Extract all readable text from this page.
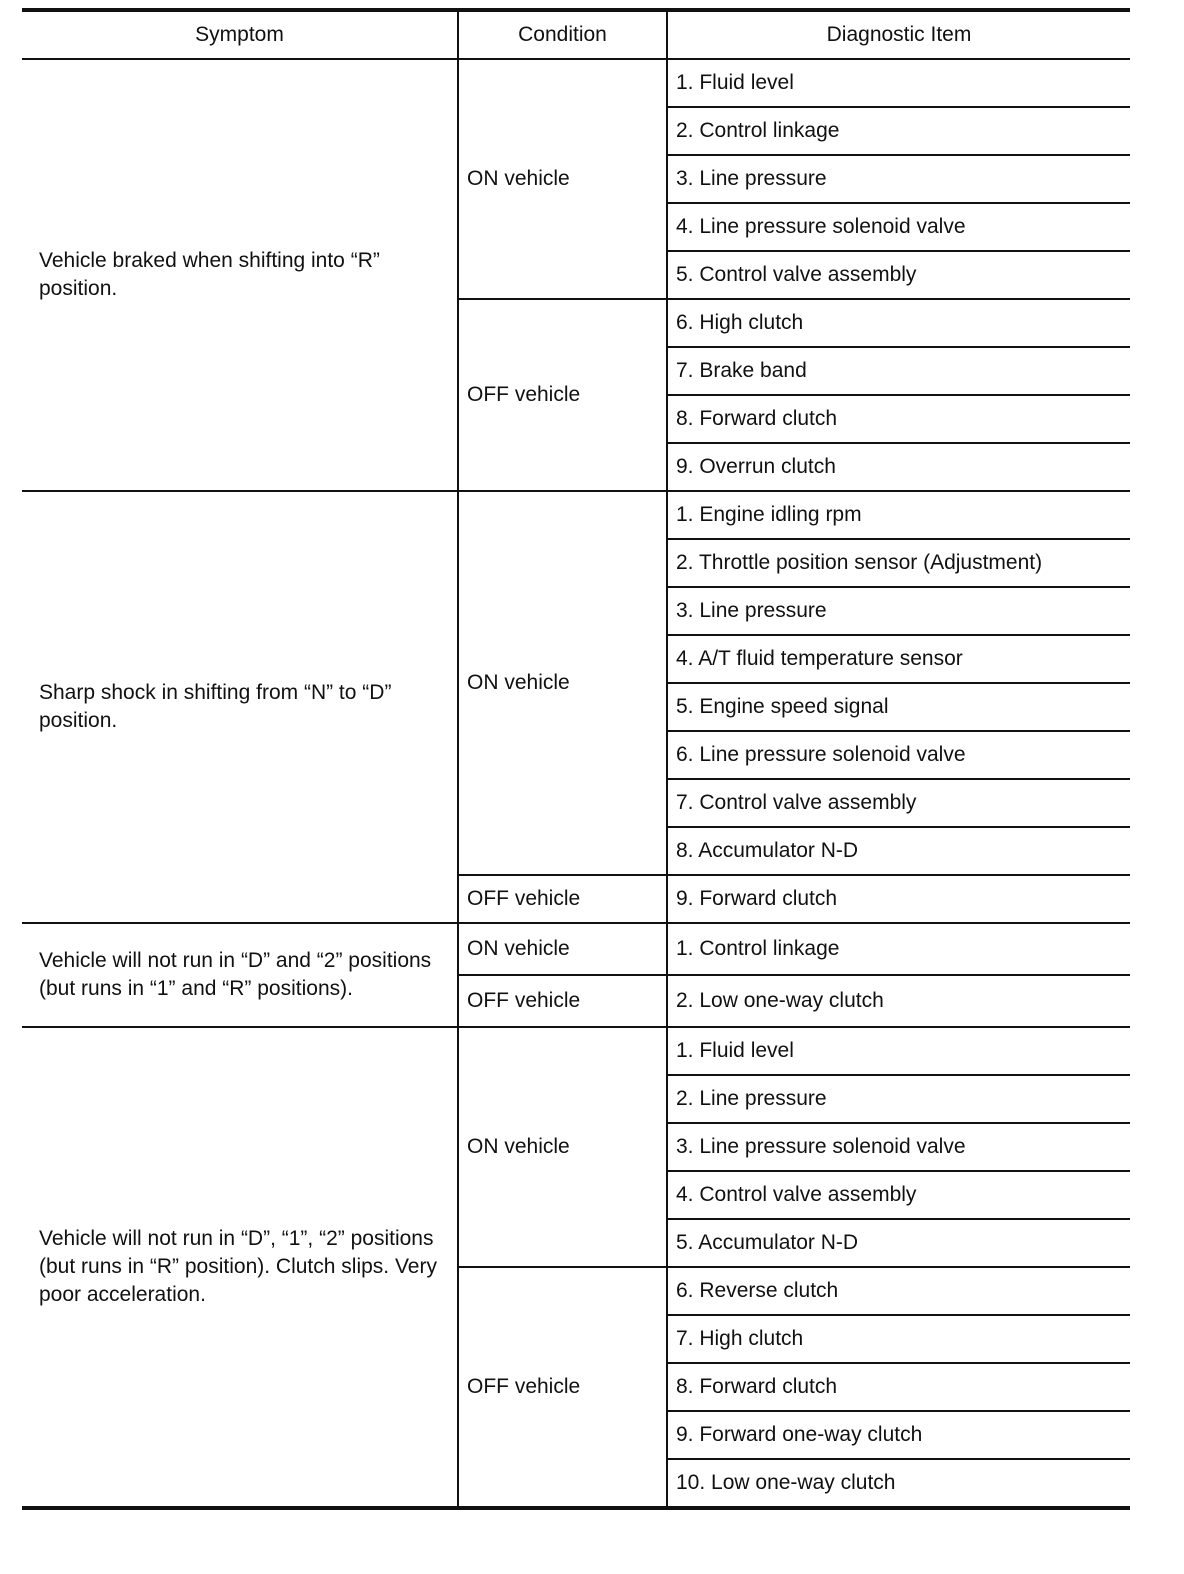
Symptom	Condition	Diagnostic Item
Vehicle braked when shifting into “R” position.	ON vehicle	1. Fluid level
		2. Control linkage
		3. Line pressure
		4. Line pressure solenoid valve
		5. Control valve assembly
	OFF vehicle	6. High clutch
		7. Brake band
		8. Forward clutch
		9. Overrun clutch
Sharp shock in shifting from “N” to “D” position.	ON vehicle	1. Engine idling rpm
		2. Throttle position sensor (Adjustment)
		3. Line pressure
		4. A/T fluid temperature sensor
		5. Engine speed signal
		6. Line pressure solenoid valve
		7. Control valve assembly
		8. Accumulator N-D
	OFF vehicle	9. Forward clutch
Vehicle will not run in “D” and “2” positions (but runs in “1” and “R” positions).	ON vehicle	1. Control linkage
	OFF vehicle	2. Low one-way clutch
Vehicle will not run in “D”, “1”, “2” positions (but runs in “R” position). Clutch slips. Very poor acceleration.	ON vehicle	1. Fluid level
		2. Line pressure
		3. Line pressure solenoid valve
		4. Control valve assembly
		5. Accumulator N-D
	OFF vehicle	6. Reverse clutch
		7. High clutch
		8. Forward clutch
		9. Forward one-way clutch
		10. Low one-way clutch
